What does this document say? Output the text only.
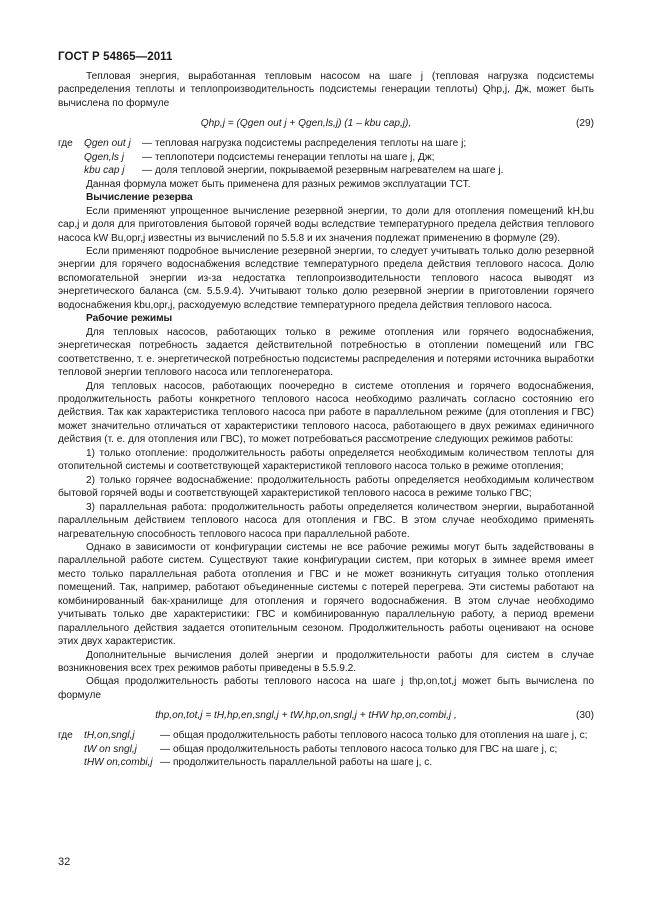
ГОСТ Р 54865—2011

Тепловая энергия, выработанная тепловым насосом на шаге j (тепловая нагрузка подсистемы распределения теплоты и теплопроизводительность подсистемы генерации теплоты) Qhp,j, Дж, может быть вычислена по формуле

Qhp,j = (Qgen out j + Qgen,ls,j) (1 – kbu cap,j),	(29)
где	Qgen out j	— тепловая нагрузка подсистемы распределения теплоты на шаге j;
Qgen,ls j	— теплопотери подсистемы генерации теплоты на шаге j, Дж;
kbu cap j	— доля тепловой энергии, покрываемой резервным нагревателем на шаге j.

Данная формула может быть применена для разных режимов эксплуатации ТСТ.

Вычисление резерва

Если применяют упрощенное вычисление резервной энергии, то доли для отопления помещений kH,bu cap,j и доля для приготовления бытовой горячей воды вследствие температурного предела действия теплового насоса kW Bu,opr,j известны из вычислений по 5.5.8 и их значения подлежат применению в формуле (29).

Если применяют подробное вычисление резервной энергии, то следует учитывать только долю резервной энергии для горячего водоснабжения вследствие температурного предела действия теплового насоса. Долю вспомогательной энергии из-за недостатка теплопроизводительности теплового насоса выводят из энергетического баланса (см. 5.5.9.4). Учитывают только долю резервной энергии в приготовлении горячего водоснабжения kbu,opr,j, расходуемую вследствие температурного предела действия теплового насоса.

Рабочие режимы

Для тепловых насосов, работающих только в режиме отопления или горячего водоснабжения, энергетическая потребность задается действительной потребностью в отоплении помещений или ГВС соответственно, т. е. энергетической потребностью подсистемы распределения и потерями источника выработки тепловой энергии теплового насоса или теплогенератора.

Для тепловых насосов, работающих поочередно в системе отопления и горячего водоснабжения, продолжительность работы конкретного теплового насоса необходимо различать согласно состоянию его действия. Так как характеристика теплового насоса при работе в параллельном режиме (для отопления и ГВС) может значительно отличаться от характеристики теплового насоса, работающего в двух режимах единичного действия (т. е. для отопления или ГВС), то может потребоваться рассмотрение следующих режимов работы:

1) только отопление: продолжительность работы определяется необходимым количеством теплоты для отопительной системы и соответствующей характеристикой теплового насоса только в режиме отопления;

2) только горячее водоснабжение: продолжительность работы определяется необходимым количеством бытовой горячей воды и соответствующей характеристикой теплового насоса в режиме только ГВС;

3) параллельная работа: продолжительность работы определяется количеством энергии, выработанной параллельным действием теплового насоса для отопления и ГВС. В этом случае необходимо применять нагревательную способность теплового насоса при параллельной работе.

Однако в зависимости от конфигурации системы не все рабочие режимы могут быть задействованы в параллельной работе систем. Существуют такие конфигурации систем, при которых в зимнее время имеет место только параллельная работа отопления и ГВС и не может возникнуть ситуация только отопления помещений. Так, например, работают объединенные системы с потерей перегрева. Эти системы работают на комбинированный бак-хранилище для отопления и горячего водоснабжения. В этом случае необходимо учитывать только две характеристики: ГВС и комбинированную параллельную работу, а период времени параллельного действия задается отопительным сезоном. Продолжительность работы оценивают на основе этих двух характеристик.

Дополнительные вычисления долей энергии и продолжительности работы для систем в случае возникновения всех трех режимов работы приведены в 5.5.9.2.

Общая продолжительность работы теплового насоса на шаге j thp,on,tot,j может быть вычислена по формуле

thp,on,tot,j = tH,hp,en,sngl,j + tW,hp,on,sngl,j + tHW hp,on,combi,j ,	(30)
где	tH,on,sngl,j	— общая продолжительность работы теплового насоса только для отопления на шаге j, с;
tW on sngl,j	— общая продолжительность работы теплового насоса только для ГВС на шаге j, с;
tHW on,combi,j — продолжительность параллельной работы на шаге j, с.
32
